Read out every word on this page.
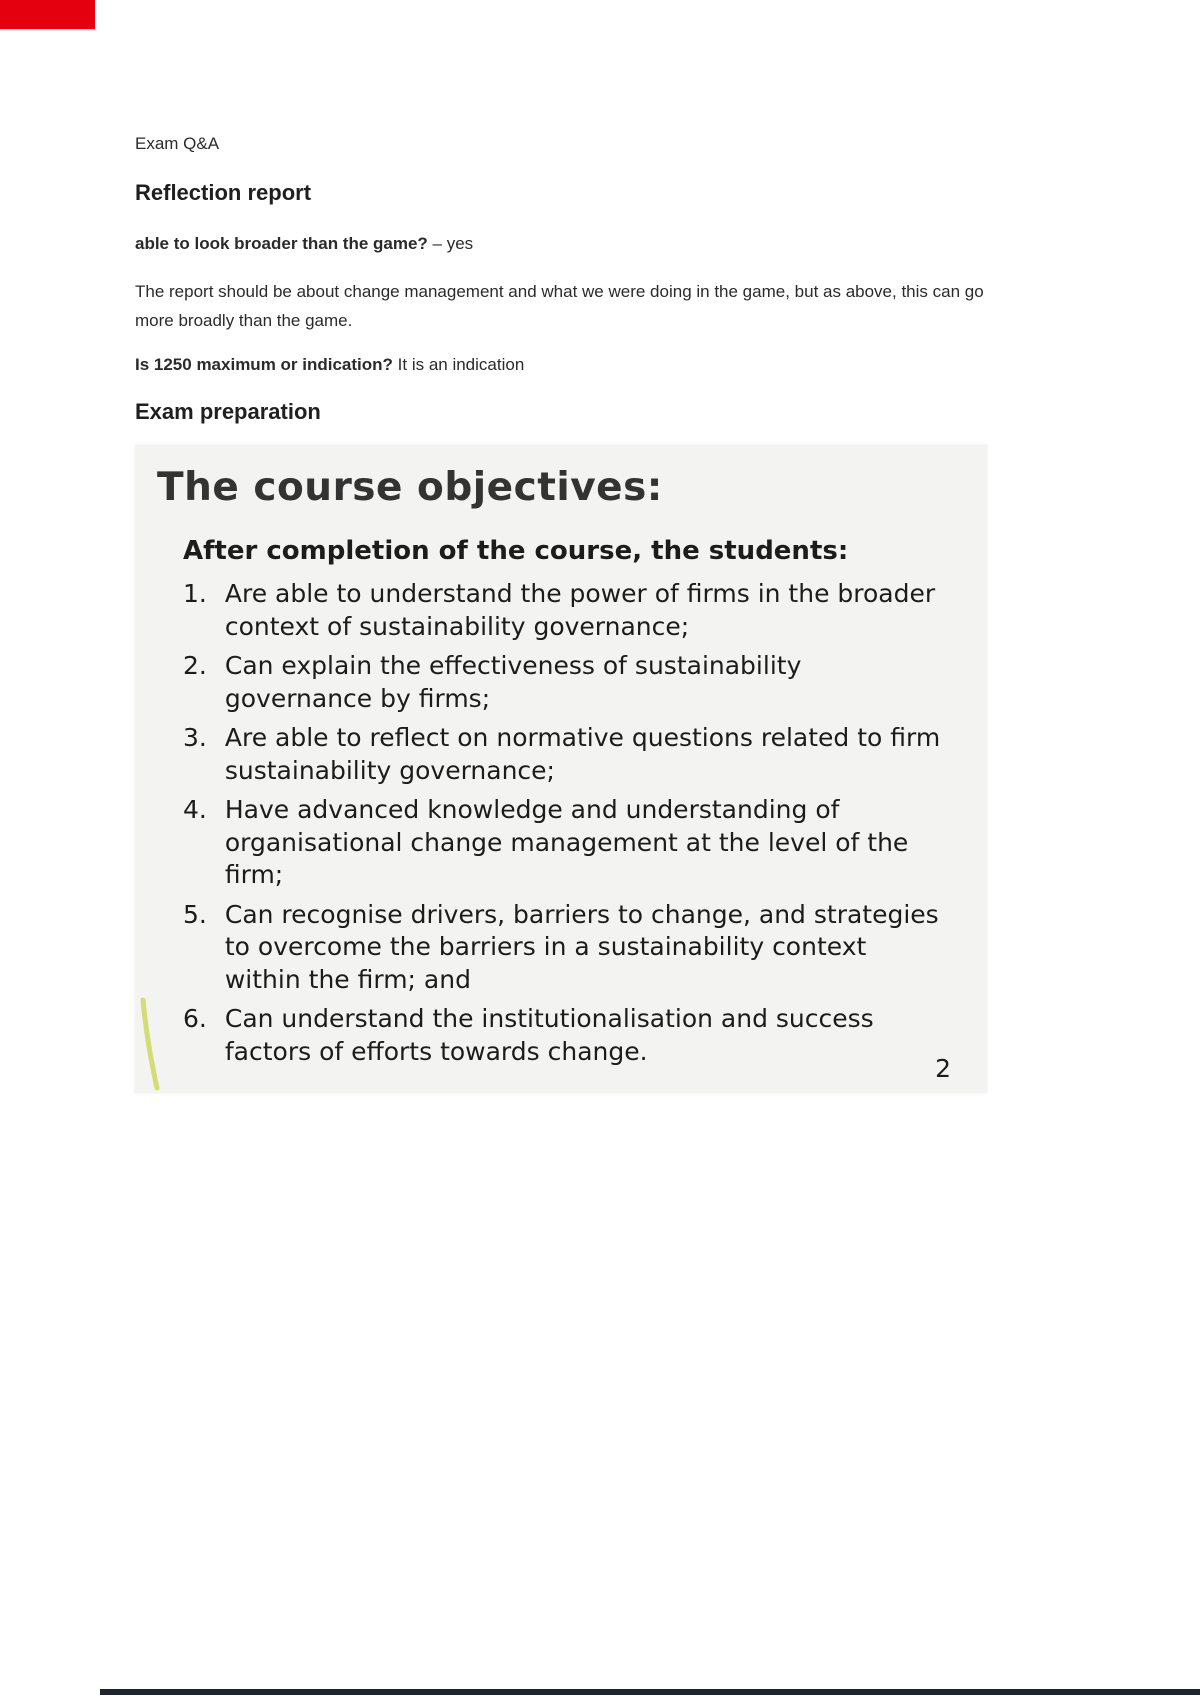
Exam Q&A

Reflection report

able to look broader than the game? – yes

The report should be about change management and what we were doing in the game, but as above, this can go more broadly than the game.

Is 1250 maximum or indication? It is an indication

Exam preparation
The course objectives:

After completion of the course, the students:

1. Are able to understand the power of firms in the broader context of sustainability governance;
2. Can explain the effectiveness of sustainability governance by firms;
3. Are able to reflect on normative questions related to firm sustainability governance;
4. Have advanced knowledge and understanding of organisational change management at the level of the firm;
5. Can recognise drivers, barriers to change, and strategies to overcome the barriers in a sustainability context within the firm; and
6. Can understand the institutionalisation and success factors of efforts towards change.
2
